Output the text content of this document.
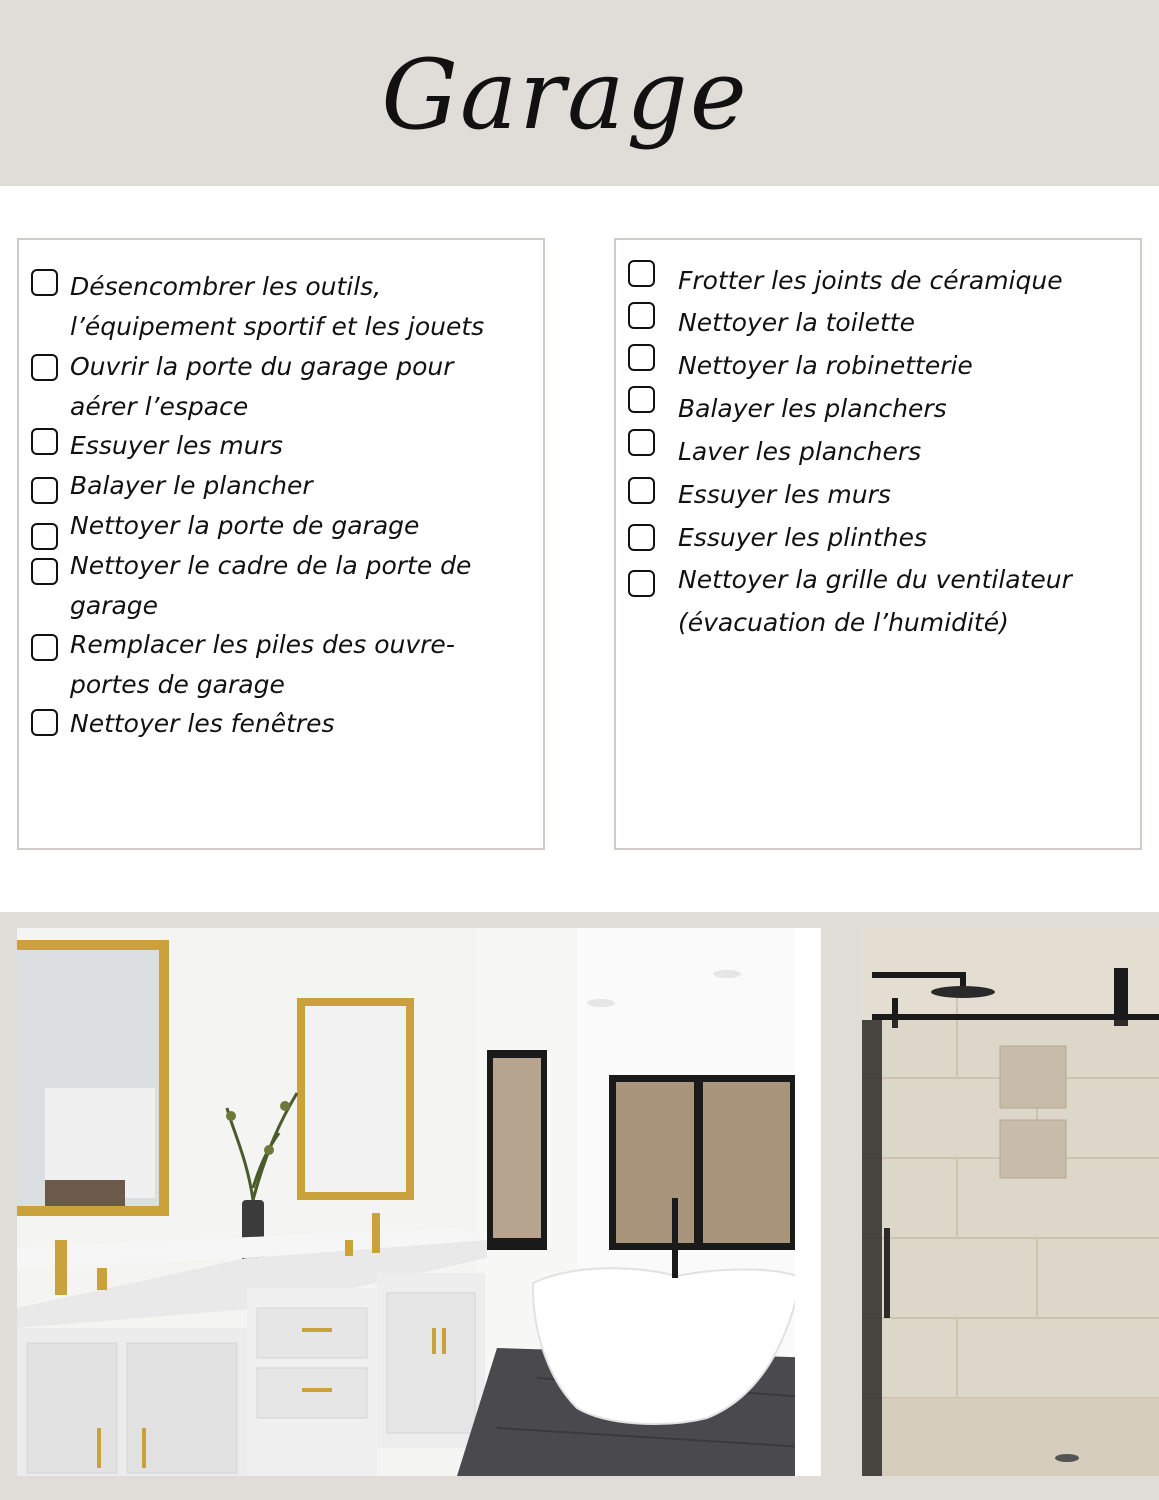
Garage
Désencombrer les outils,
l’équipement sportif et les jouets
Ouvrir la porte du garage pour
aérer l’espace
Essuyer les murs
Balayer le plancher
Nettoyer la porte de garage
Nettoyer le cadre de la porte de
garage
Remplacer les piles des ouvre-
portes de garage
Nettoyer les fenêtres
Frotter les joints de céramique
Nettoyer la toilette
Nettoyer la robinetterie
Balayer les planchers
Laver les planchers
Essuyer les murs
Essuyer les plinthes
Nettoyer la grille du ventilateur
(évacuation de l’humidité)
